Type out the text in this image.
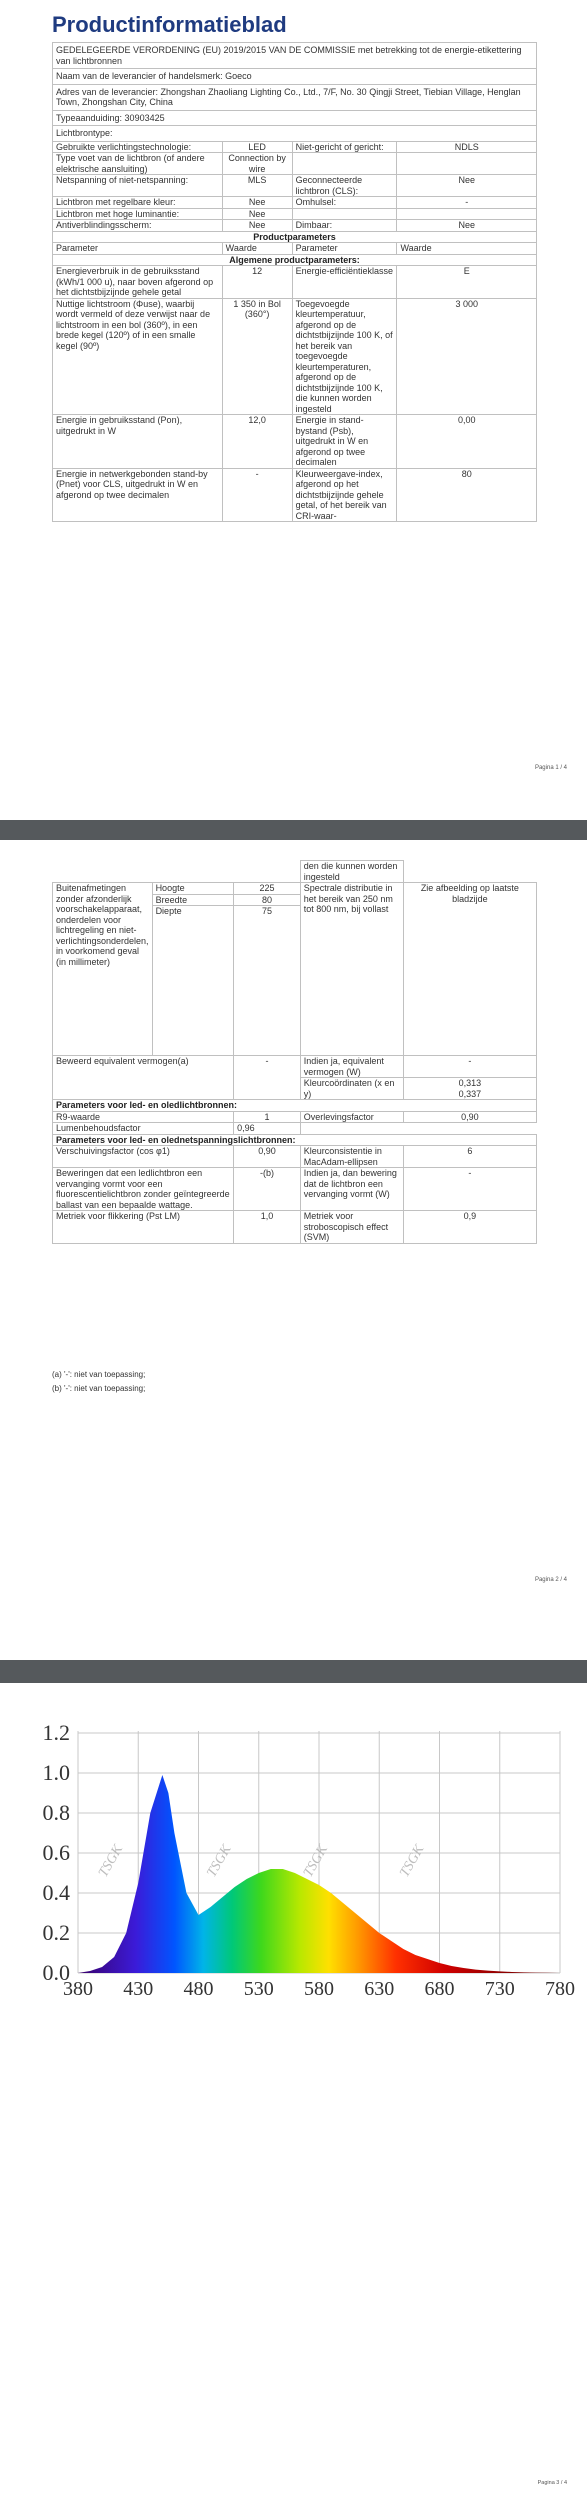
Productinformatieblad
GEDELEGEERDE VERORDENING (EU) 2019/2015 VAN DE COMMISSIE met betrekking tot de energie-etikettering van lichtbronnen			
Naam van de leverancier of handelsmerk: Goeco			
Adres van de leverancier: Zhongshan Zhaoliang Lighting Co., Ltd., 7/F, No. 30 Qingji Street, Tiebian Village, Henglan Town, Zhongshan City, China			
Typeaanduiding: 30903425			
Lichtbrontype:			
Gebruikte verlichtingstechnologie:	LED	Niet-gericht of gericht:	NDLS
Type voet van de lichtbron (of andere elektrische aansluiting)	Connection by wire		
Netspanning of niet-netspanning:	MLS	Geconnecteerde lichtbron (CLS):	Nee
Lichtbron met regelbare kleur:	Nee	Omhulsel:	-
Lichtbron met hoge luminantie:	Nee		
Antiverblindingsscherm:	Nee	Dimbaar:	Nee
Productparameters			
Parameter	Waarde	Parameter	Waarde
Algemene productparameters:			
Energieverbruik in de gebruiksstand (kWh/1 000 u), naar boven afgerond op het dichtstbijzijnde gehele getal	12	Energie-efficiëntieklasse	E
Nuttige lichtstroom (Φuse), waarbij wordt vermeld of deze verwijst naar de lichtstroom in een bol (360º), in een brede kegel (120º) of in een smalle kegel (90º)	1 350 in Bol (360°)	Toegevoegde kleurtemperatuur, afgerond op de dichtstbijzijnde 100 K, of het bereik van toegevoegde kleurtemperaturen, afgerond op de dichtstbijzijnde 100 K, die kunnen worden ingesteld	3 000
Energie in gebruiksstand (Pon), uitgedrukt in W	12,0	Energie in stand-bystand (Psb), uitgedrukt in W en afgerond op twee decimalen	0,00
Energie in netwerkgebonden stand-by (Pnet) voor CLS, uitgedrukt in W en afgerond op twee decimalen	-	Kleurweergave-index, afgerond op het dichtstbijzijnde gehele getal, of het bereik van CRI-waar-	80
Pagina 1 / 4
			den die kunnen worden ingesteld	
Buitenafmetingen zonder afzonderlijk voorschakelapparaat, onderdelen voor lichtregeling en niet-verlichtingsonderdelen, in voorkomend geval (in millimeter)	Hoogte	225	Spectrale distributie in het bereik van 250 nm tot 800 nm, bij vollast	Zie afbeelding op laatste bladzijde
	Breedte	80		
	Diepte	75		
Beweerd equivalent vermogen(a)		-	Indien ja, equivalent vermogen (W)	-
			Kleurcoördinaten (x en y)	0,313
0,337
Parameters voor led- en oledlichtbronnen:				
R9-waarde		1	Overlevingsfactor	0,90
Lumenbehoudsfactor		0,96		
Parameters voor led- en olednetspanningslichtbronnen:				
Verschuivingsfactor (cos φ1)		0,90	Kleurconsistentie in MacAdam-ellipsen	6
Beweringen dat een ledlichtbron een vervanging vormt voor een fluorescentielichtbron zonder geïntegreerde ballast van een bepaalde wattage.		-(b)	Indien ja, dan bewering dat de lichtbron een vervanging vormt (W)	-
Metriek voor flikkering (Pst LM)		1,0	Metriek voor stroboscopisch effect (SVM)	0,9
(a) '-': niet van toepassing;
(b) '-': niet van toepassing;
Pagina 2 / 4
TSGK	TSGK	TSGK	TSGK
0.0
0.2
0.4
0.6
0.8
1.0
1.2
380 430 480 530 580 630 680 730 780
Pagina 3 / 4
